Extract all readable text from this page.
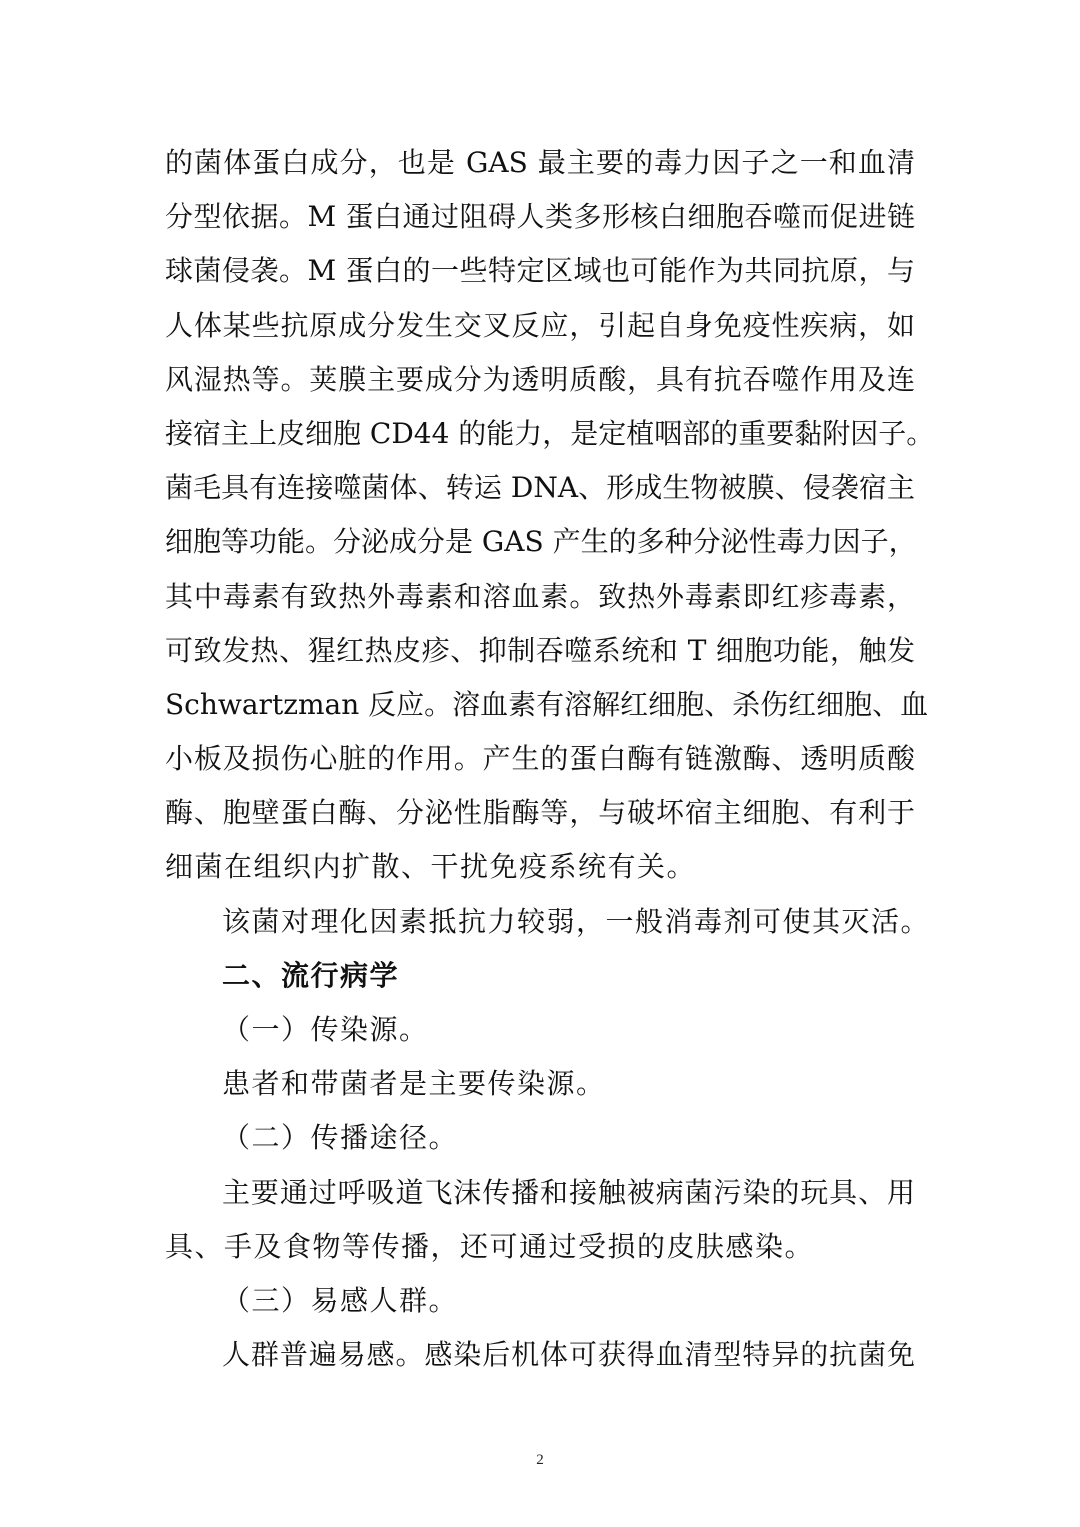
的菌体蛋白成分，也是 GAS 最主要的毒力因子之一和血清
分型依据。M 蛋白通过阻碍人类多形核白细胞吞噬而促进链
球菌侵袭。M 蛋白的一些特定区域也可能作为共同抗原，与
人体某些抗原成分发生交叉反应，引起自身免疫性疾病，如
风湿热等。荚膜主要成分为透明质酸，具有抗吞噬作用及连
接宿主上皮细胞 CD44 的能力，是定植咽部的重要黏附因子。
菌毛具有连接噬菌体、转运 DNA、形成生物被膜、侵袭宿主
细胞等功能。分泌成分是 GAS 产生的多种分泌性毒力因子，
其中毒素有致热外毒素和溶血素。致热外毒素即红疹毒素，
可致发热、猩红热皮疹、抑制吞噬系统和 T 细胞功能，触发
Schwartzman 反应。溶血素有溶解红细胞、杀伤红细胞、血
小板及损伤心脏的作用。产生的蛋白酶有链激酶、透明质酸
酶、胞壁蛋白酶、分泌性脂酶等，与破坏宿主细胞、有利于
细菌在组织内扩散、干扰免疫系统有关。
该菌对理化因素抵抗力较弱，一般消毒剂可使其灭活。
二、流行病学
（一）传染源。
患者和带菌者是主要传染源。
（二）传播途径。
主要通过呼吸道飞沫传播和接触被病菌污染的玩具、用
具、手及食物等传播，还可通过受损的皮肤感染。
（三）易感人群。
人群普遍易感。感染后机体可获得血清型特异的抗菌免
2
